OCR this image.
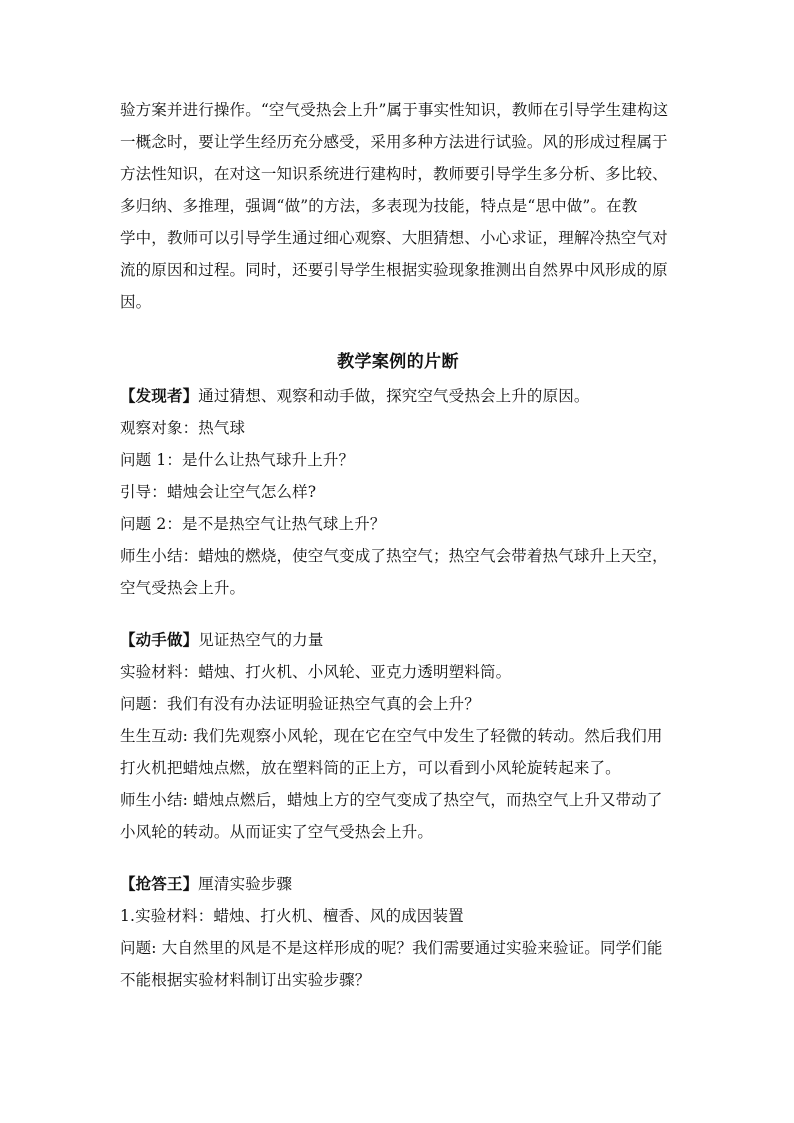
验方案并进行操作。“空气受热会上升”属于事实性知识，教师在引导学生建构这
一概念时，要让学生经历充分感受，采用多种方法进行试验。风的形成过程属于
方法性知识，在对这一知识系统进行建构时，教师要引导学生多分析、多比较、
多归纳、多推理，强调“做”的方法，多表现为技能，特点是“思中做”。在教
学中，教师可以引导学生通过细心观察、大胆猜想、小心求证，理解冷热空气对
流的原因和过程。同时，还要引导学生根据实验现象推测出自然界中风形成的原
因。
教学案例的片断
【发现者】通过猜想、观察和动手做，探究空气受热会上升的原因。
观察对象：热气球
问题 1：是什么让热气球升上升？
引导：蜡烛会让空气怎么样?
问题 2：是不是热空气让热气球上升？
师生小结：蜡烛的燃烧，使空气变成了热空气；热空气会带着热气球升上天空，
空气受热会上升。
【动手做】见证热空气的力量
实验材料：蜡烛、打火机、小风轮、亚克力透明塑料筒。
问题：我们有没有办法证明验证热空气真的会上升？
生生互动: 我们先观察小风轮，现在它在空气中发生了轻微的转动。然后我们用
打火机把蜡烛点燃，放在塑料筒的正上方，可以看到小风轮旋转起来了。
师生小结: 蜡烛点燃后，蜡烛上方的空气变成了热空气，而热空气上升又带动了
小风轮的转动。从而证实了空气受热会上升。
【抢答王】厘清实验步骤
1.实验材料：蜡烛、打火机、檀香、风的成因装置
问题: 大自然里的风是不是这样形成的呢？我们需要通过实验来验证。同学们能
不能根据实验材料制订出实验步骤？
